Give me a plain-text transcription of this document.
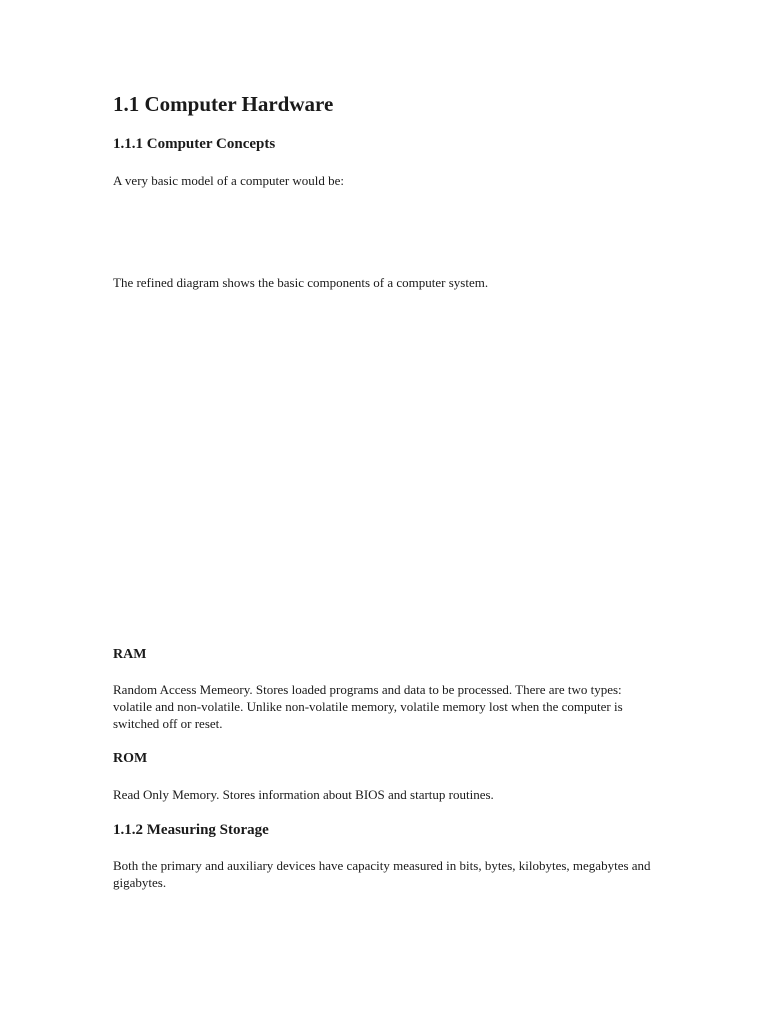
1.1 Computer Hardware
1.1.1 Computer Concepts

A very basic model of a computer would be:

The refined diagram shows the basic components of a computer system.

RAM

Random Access Memeory. Stores loaded programs and data to be processed. There are two types: volatile and non-volatile. Unlike non-volatile memory, volatile memory lost when the computer is switched off or reset.

ROM

Read Only Memory. Stores information about BIOS and startup routines.

1.1.2 Measuring Storage

Both the primary and auxiliary devices have capacity measured in bits, bytes, kilobytes, megabytes and gigabytes.
